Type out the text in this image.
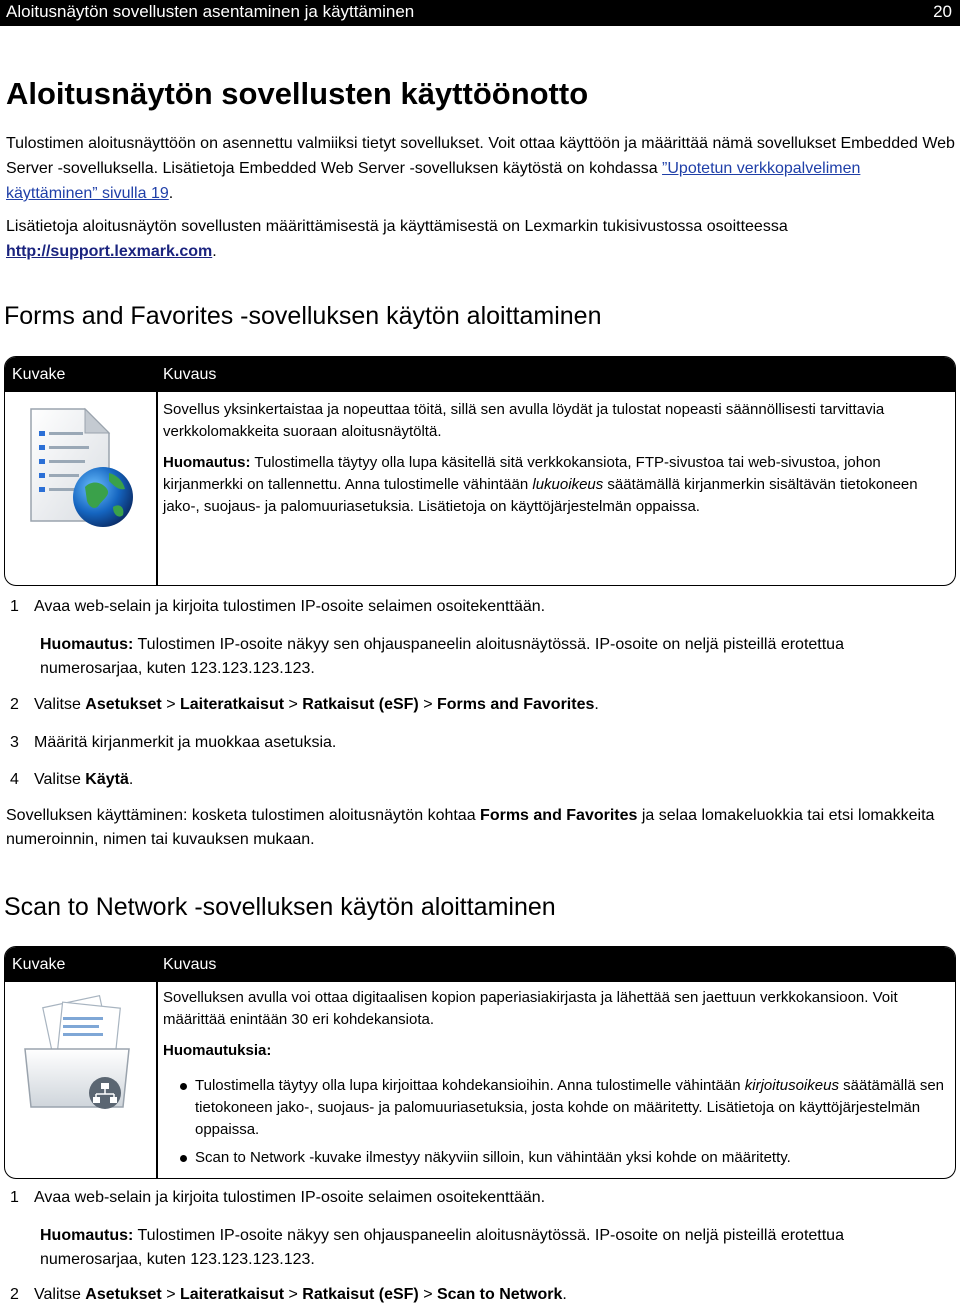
Aloitusnäytön sovellusten asentaminen ja käyttäminen	20
Aloitusnäytön sovellusten käyttöönotto
Tulostimen aloitusnäyttöön on asennettu valmiiksi tietyt sovellukset. Voit ottaa käyttöön ja määrittää nämä sovellukset Embedded Web Server -sovelluksella. Lisätietoja Embedded Web Server -sovelluksen käytöstä on kohdassa ”Upotetun verkkopalvelimen käyttäminen” sivulla 19.
Lisätietoja aloitusnäytön sovellusten määrittämisestä ja käyttämisestä on Lexmarkin tukisivustossa osoitteessa http://support.lexmark.com.
Forms and Favorites -sovelluksen käytön aloittaminen
Kuvake	Kuvaus

Sovellus yksinkertaistaa ja nopeuttaa töitä, sillä sen avulla löydät ja tulostat nopeasti säännöllisesti tarvittavia verkkolomakkeita suoraan aloitusnäytöltä.

Huomautus: Tulostimella täytyy olla lupa käsitellä sitä verkkokansiota, FTP-sivustoa tai web-sivustoa, johon kirjanmerkki on tallennettu. Anna tulostimelle vähintään lukuoikeus säätämällä kirjanmerkin sisältävän tietokoneen jako-, suojaus- ja palomuuriasetuksia. Lisätietoja on käyttöjärjestelmän oppaissa.

1 Avaa web-selain ja kirjoita tulostimen IP-osoite selaimen osoitekenttään.
Huomautus: Tulostimen IP-osoite näkyy sen ohjauspaneelin aloitusnäytössä. IP-osoite on neljä pisteillä erotettua numerosarjaa, kuten 123.123.123.123.
2 Valitse Asetukset > Laiteratkaisut > Ratkaisut (eSF) > Forms and Favorites.
3 Määritä kirjanmerkit ja muokkaa asetuksia.
4 Valitse Käytä.
Sovelluksen käyttäminen: kosketa tulostimen aloitusnäytön kohtaa Forms and Favorites ja selaa lomakeluokkia tai etsi lomakkeita numeroinnin, nimen tai kuvauksen mukaan.
Scan to Network -sovelluksen käytön aloittaminen
Kuvake	Kuvaus

Sovelluksen avulla voi ottaa digitaalisen kopion paperiasiakirjasta ja lähettää sen jaettuun verkkokansioon. Voit määrittää enintään 30 eri kohdekansiota.

Huomautuksia:

Tulostimella täytyy olla lupa kirjoittaa kohdekansioihin. Anna tulostimelle vähintään kirjoitusoikeus säätämällä sen tietokoneen jako-, suojaus- ja palomuuriasetuksia, josta kohde on määritetty. Lisätietoja on käyttöjärjestelmän oppaissa.
Scan to Network -kuvake ilmestyy näkyviin silloin, kun vähintään yksi kohde on määritetty.
1 Avaa web-selain ja kirjoita tulostimen IP-osoite selaimen osoitekenttään.
Huomautus: Tulostimen IP-osoite näkyy sen ohjauspaneelin aloitusnäytössä. IP-osoite on neljä pisteillä erotettua numerosarjaa, kuten 123.123.123.123.
2 Valitse Asetukset > Laiteratkaisut > Ratkaisut (eSF) > Scan to Network.
